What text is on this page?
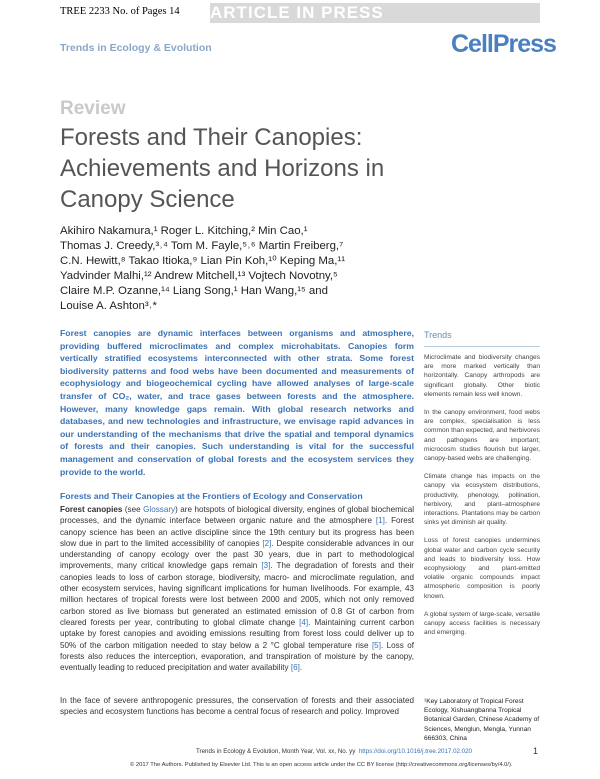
TREE 2233 No. of Pages 14 ARTICLE IN PRESS
Trends in Ecology & Evolution	CellPress
Review
Forests and Their Canopies:
Achievements and Horizons in
Canopy Science
Akihiro Nakamura,¹ Roger L. Kitching,² Min Cao,¹
Thomas J. Creedy,³˒⁴ Tom M. Fayle,⁵˒⁶ Martin Freiberg,⁷
C.N. Hewitt,⁸ Takao Itioka,⁹ Lian Pin Koh,¹⁰ Keping Ma,¹¹
Yadvinder Malhi,¹² Andrew Mitchell,¹³ Vojtech Novotny,⁵
Claire M.P. Ozanne,¹⁴ Liang Song,¹ Han Wang,¹⁵ and
Louise A. Ashton³˒*
Forest canopies are dynamic interfaces between organisms and atmosphere, providing buffered microclimates and complex microhabitats. Canopies form vertically stratified ecosystems interconnected with other strata. Some forest biodiversity patterns and food webs have been documented and measurements of ecophysiology and biogeochemical cycling have allowed analyses of large-scale transfer of CO₂, water, and trace gases between forests and the atmosphere. However, many knowledge gaps remain. With global research networks and databases, and new technologies and infrastructure, we envisage rapid advances in our understanding of the mechanisms that drive the spatial and temporal dynamics of forests and their canopies. Such understanding is vital for the successful management and conservation of global forests and the ecosystem services they provide to the world.
Forests and Their Canopies at the Frontiers of Ecology and Conservation
Forest canopies (see Glossary) are hotspots of biological diversity, engines of global biochemical processes, and the dynamic interface between organic nature and the atmosphere [1]. Forest canopy science has been an active discipline since the 19th century but its progress has been slow due in part to the limited accessibility of canopies [2]. Despite considerable advances in our understanding of canopy ecology over the past 30 years, due in part to methodological improvements, many critical knowledge gaps remain [3]. The degradation of forests and their canopies leads to loss of carbon storage, biodiversity, macro- and microclimate regulation, and other ecosystem services, having significant implications for human livelihoods. For example, 43 million hectares of tropical forests were lost between 2000 and 2005, which not only removed carbon stored as live biomass but generated an estimated emission of 0.8 Gt of carbon from cleared forests per year, contributing to global climate change [4]. Maintaining current carbon uptake by forest canopies and avoiding emissions resulting from forest loss could deliver up to 50% of the carbon mitigation needed to stay below a 2 °C global temperature rise [5]. Loss of forests also reduces the interception, evaporation, and transpiration of moisture by the canopy, eventually leading to reduced precipitation and water availability [6].
In the face of severe anthropogenic pressures, the conservation of forests and their associated species and ecosystem functions has become a central focus of research and policy. Improved
Trends

Microclimate and biodiversity changes are more marked vertically than horizontally. Canopy arthropods are significant globally. Other biotic elements remain less well known.

In the canopy environment, food webs are complex, specialisation is less common than expected, and herbivores and pathogens are important; microcosm studies flourish but larger, canopy-based webs are challenging.

Climate change has impacts on the canopy via ecosystem distributions, productivity, phenology, pollination, herbivory, and plant–atmosphere interactions. Plantations may be carbon sinks yet diminish air quality.

Loss of forest canopies undermines global water and carbon cycle security and leads to biodiversity loss. How ecophysiology and plant-emitted volatile organic compounds impact atmospheric composition is poorly known.

A global system of large-scale, versatile canopy access facilities is necessary and emerging.

¹Key Laboratory of Tropical Forest Ecology, Xishuangbanna Tropical Botanical Garden, Chinese Academy of Sciences, Menglun, Mengla, Yunnan 666303, China
Trends in Ecology & Evolution, Month Year, Vol. xx, No. yy https://doi.org/10.1016/j.tree.2017.02.020	1
© 2017 The Authors. Published by Elsevier Ltd. This is an open access article under the CC BY license (http://creativecommons.org/licenses/by/4.0/).
